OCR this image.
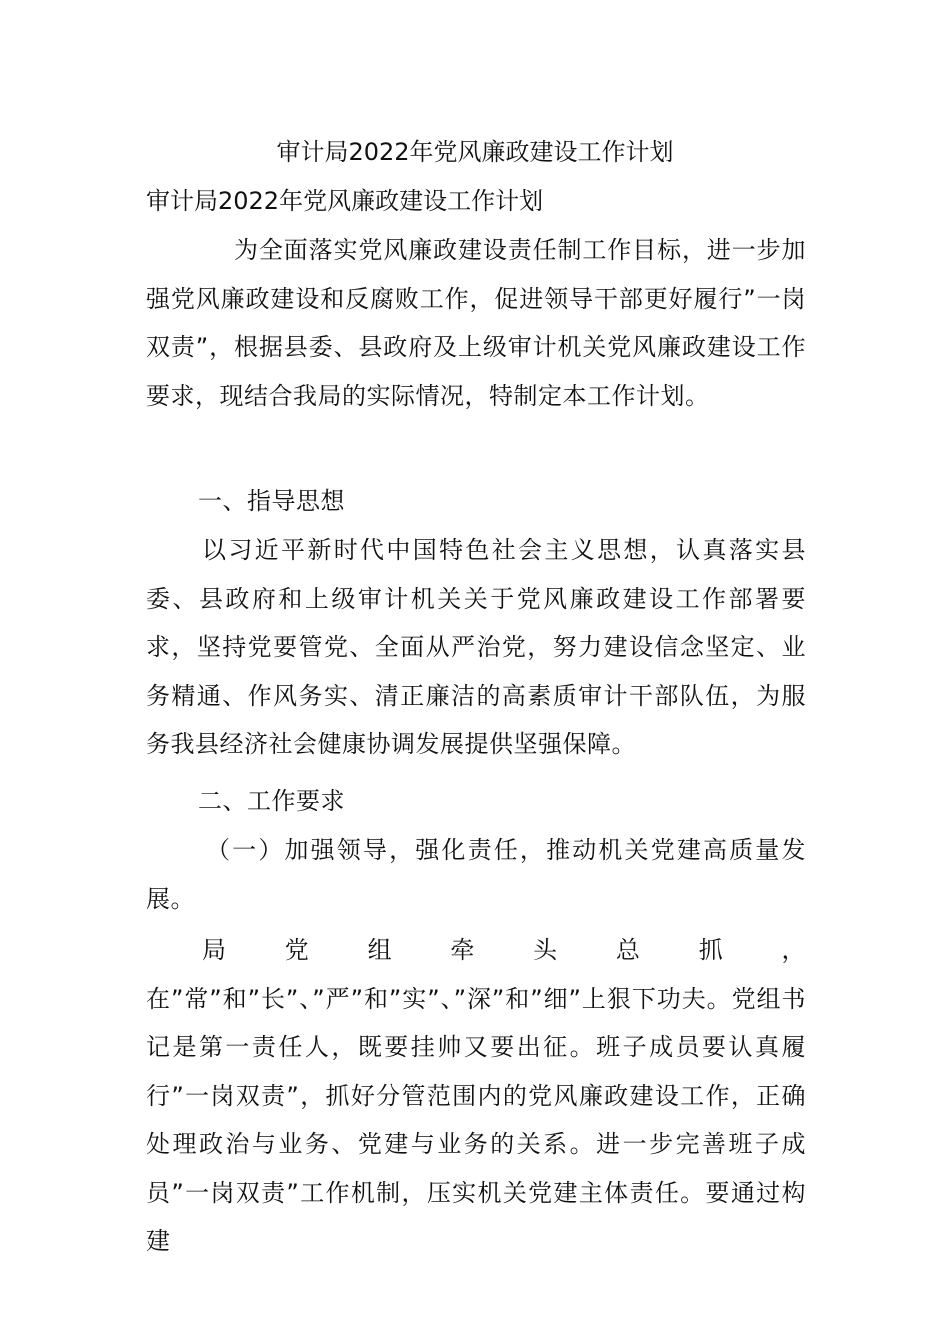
审计局2022年党风廉政建设工作计划
审计局2022年党风廉政建设工作计划

为全面落实党风廉政建设责任制工作目标，进一步加强党风廉政建设和反腐败工作，促进领导干部更好履行”一岗双责”，根据县委、县政府及上级审计机关党风廉政建设工作要求，现结合我局的实际情况，特制定本工作计划。

一、指导思想

以习近平新时代中国特色社会主义思想，认真落实县委、县政府和上级审计机关关于党风廉政建设工作部署要求，坚持党要管党、全面从严治党，努力建设信念坚定、业务精通、作风务实、清正廉洁的高素质审计干部队伍，为服务我县经济社会健康协调发展提供坚强保障。

二、工作要求

（一）加强领导，强化责任，推动机关党建高质量发展。

局党组牵头总抓，在”常”和”长”、”严”和”实”、”深”和”细”上狠下功夫。党组书记是第一责任人，既要挂帅又要出征。班子成员要认真履行”一岗双责”，抓好分管范围内的党风廉政建设工作，正确处理政治与业务、党建与业务的关系。进一步完善班子成员”一岗双责”工作机制，压实机关党建主体责任。要通过构建
